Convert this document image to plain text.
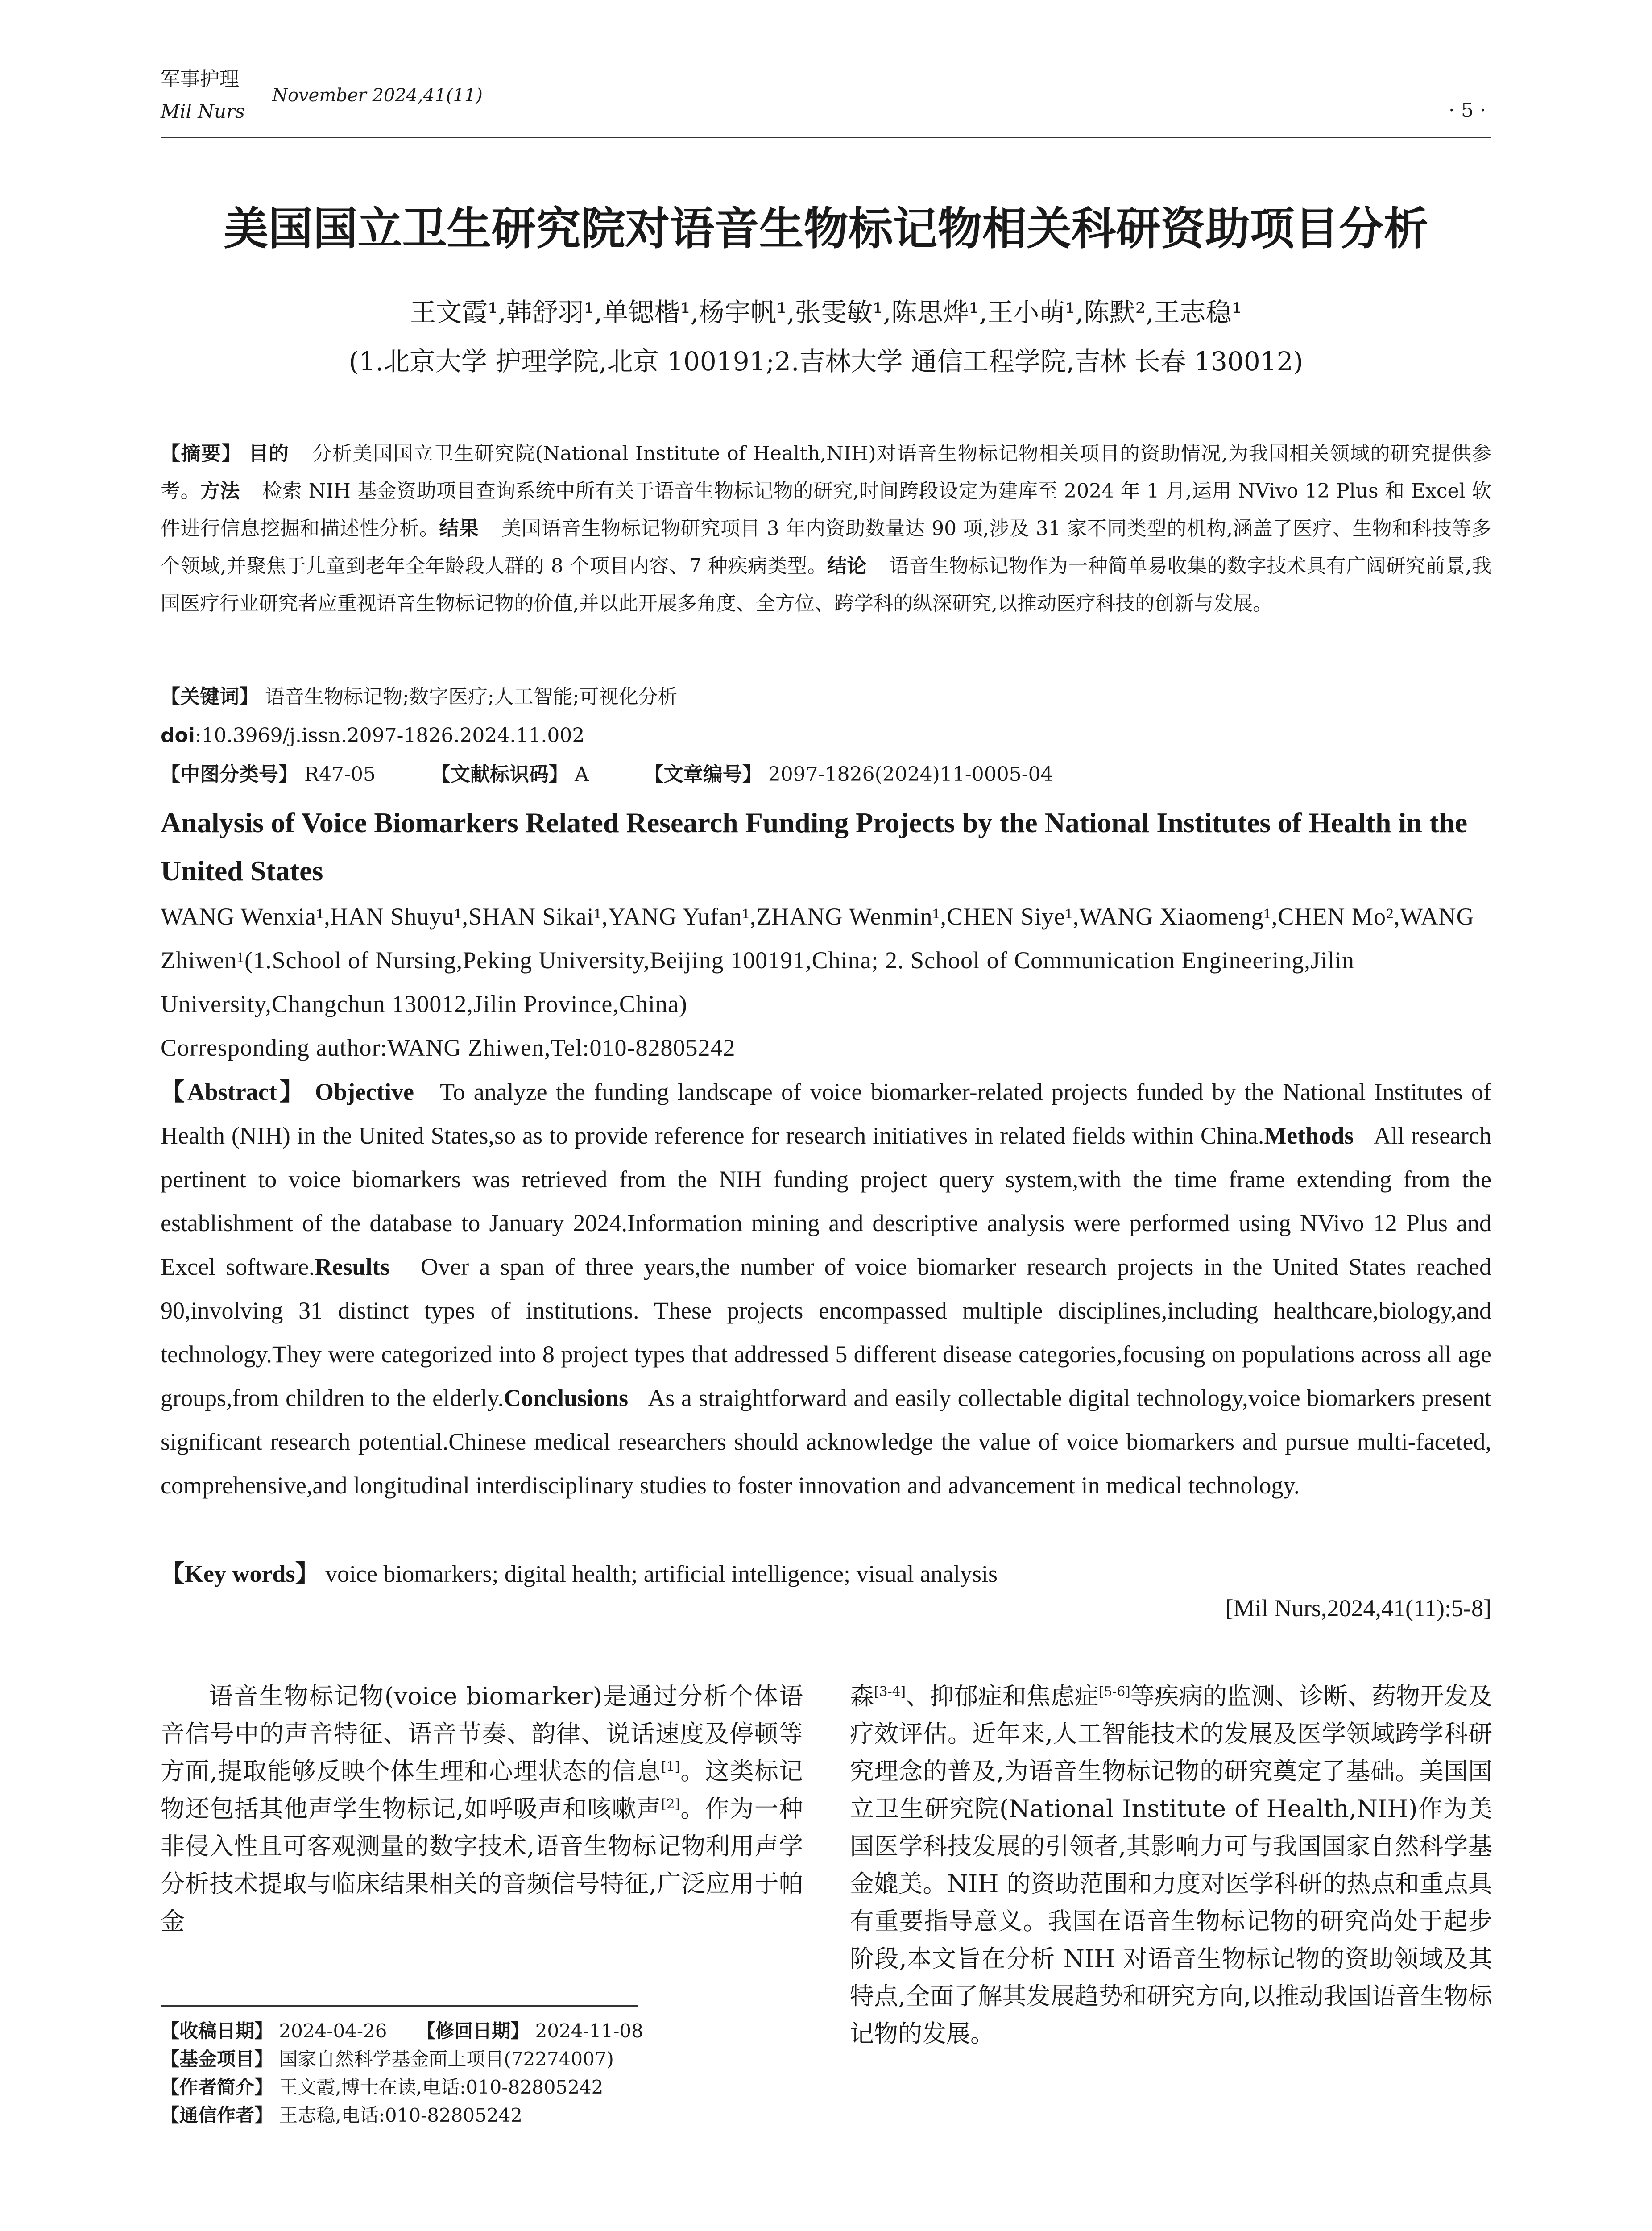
军事护理
Mil Nurs
November 2024,41(11)
· 5 ·
美国国立卫生研究院对语音生物标记物相关科研资助项目分析
王文霞¹,韩舒羽¹,单锶楷¹,杨宇帆¹,张雯敏¹,陈思烨¹,王小萌¹,陈默²,王志稳¹
(1.北京大学 护理学院,北京 100191;2.吉林大学 通信工程学院,吉林 长春 130012)
【摘要】 目的 分析美国国立卫生研究院(National Institute of Health,NIH)对语音生物标记物相关项目的资助情况,为我国相关领域的研究提供参考。方法 检索 NIH 基金资助项目查询系统中所有关于语音生物标记物的研究,时间跨段设定为建库至 2024 年 1 月,运用 NVivo 12 Plus 和 Excel 软件进行信息挖掘和描述性分析。结果 美国语音生物标记物研究项目 3 年内资助数量达 90 项,涉及 31 家不同类型的机构,涵盖了医疗、生物和科技等多个领域,并聚焦于儿童到老年全年龄段人群的 8 个项目内容、7 种疾病类型。结论 语音生物标记物作为一种简单易收集的数字技术具有广阔研究前景,我国医疗行业研究者应重视语音生物标记物的价值,并以此开展多角度、全方位、跨学科的纵深研究,以推动医疗科技的创新与发展。
【关键词】 语音生物标记物;数字医疗;人工智能;可视化分析
doi:10.3969/j.issn.2097-1826.2024.11.002
【中图分类号】 R47-05	【文献标识码】 A	【文章编号】 2097-1826(2024)11-0005-04
Analysis of Voice Biomarkers Related Research Funding Projects by the National Institutes of Health in the United States
WANG Wenxia¹,HAN Shuyu¹,SHAN Sikai¹,YANG Yufan¹,ZHANG Wenmin¹,CHEN Siye¹,WANG Xiaomeng¹,CHEN Mo²,WANG Zhiwen¹(1.School of Nursing,Peking University,Beijing 100191,China; 2. School of Communication Engineering,Jilin University,Changchun 130012,Jilin Province,China)
Corresponding author:WANG Zhiwen,Tel:010-82805242
【Abstract】 Objective To analyze the funding landscape of voice biomarker-related projects funded by the National Institutes of Health (NIH) in the United States,so as to provide reference for research initiatives in related fields within China.Methods All research pertinent to voice biomarkers was retrieved from the NIH funding project query system,with the time frame extending from the establishment of the database to January 2024.Information mining and descriptive analysis were performed using NVivo 12 Plus and Excel software.Results Over a span of three years,the number of voice biomarker research projects in the United States reached 90,involving 31 distinct types of institutions. These projects encompassed multiple disciplines,including healthcare,biology,and technology.They were categorized into 8 project types that addressed 5 different disease categories,focusing on populations across all age groups,from children to the elderly.Conclusions As a straightforward and easily collectable digital technology,voice biomarkers present significant research potential.Chinese medical researchers should acknowledge the value of voice biomarkers and pursue multi-faceted, comprehensive,and longitudinal interdisciplinary studies to foster innovation and advancement in medical technology.
【Key words】 voice biomarkers; digital health; artificial intelligence; visual analysis
[Mil Nurs,2024,41(11):5-8]
语音生物标记物(voice biomarker)是通过分析个体语音信号中的声音特征、语音节奏、韵律、说话速度及停顿等方面,提取能够反映个体生理和心理状态的信息[1]。这类标记物还包括其他声学生物标记,如呼吸声和咳嗽声[2]。作为一种非侵入性且可客观测量的数字技术,语音生物标记物利用声学分析技术提取与临床结果相关的音频信号特征,广泛应用于帕金
森[3-4]、抑郁症和焦虑症[5-6]等疾病的监测、诊断、药物开发及疗效评估。近年来,人工智能技术的发展及医学领域跨学科研究理念的普及,为语音生物标记物的研究奠定了基础。美国国立卫生研究院(National Institute of Health,NIH)作为美国医学科技发展的引领者,其影响力可与我国国家自然科学基金媲美。NIH 的资助范围和力度对医学科研的热点和重点具有重要指导意义。我国在语音生物标记物的研究尚处于起步阶段,本文旨在分析 NIH 对语音生物标记物的资助领域及其特点,全面了解其发展趋势和研究方向,以推动我国语音生物标记物的发展。
【收稿日期】 2024-04-26 【修回日期】 2024-11-08
【基金项目】 国家自然科学基金面上项目(72274007)
【作者简介】 王文霞,博士在读,电话:010-82805242
【通信作者】 王志稳,电话:010-82805242
